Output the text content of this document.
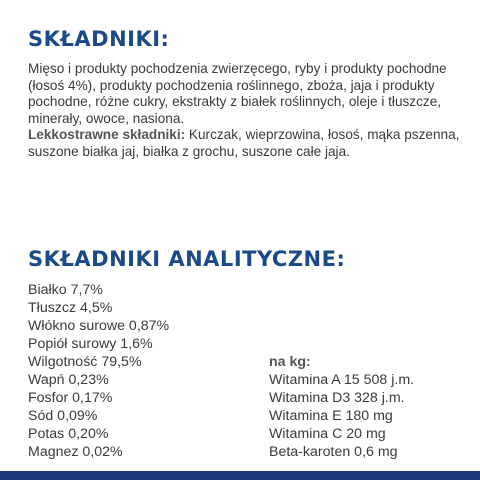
SKŁADNIKI:

Mięso i produkty pochodzenia zwierzęcego, ryby i produkty pochodne (łosoś 4%), produkty pochodzenia roślinnego, zboża, jaja i produkty pochodne, różne cukry, ekstrakty z białek roślinnych, oleje i tłuszcze, minerały, owoce, nasiona.
Lekkostrawne składniki: Kurczak, wieprzowina, łosoś, mąka pszenna, suszone białka jaj, białka z grochu, suszone całe jaja.

SKŁADNIKI ANALITYCZNE:
Białko 7,7%
Tłuszcz 4,5%
Włókno surowe 0,87%
Popiół surowy 1,6%
Wilgotność 79,5%
Wapń 0,23%
Fosfor 0,17%
Sód 0,09%
Potas 0,20%
Magnez 0,02%
na kg:
Witamina A 15 508 j.m.
Witamina D3 328 j.m.
Witamina E 180 mg
Witamina C 20 mg
Beta-karoten 0,6 mg
